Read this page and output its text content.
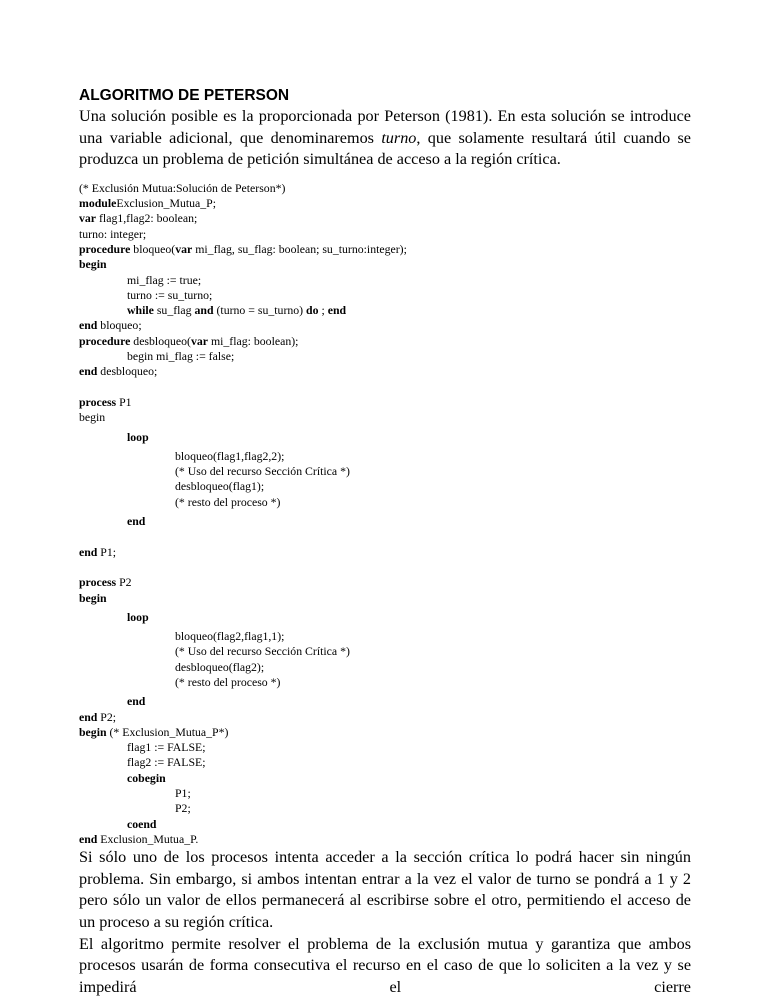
ALGORITMO DE PETERSON

Una solución posible es la proporcionada por Peterson (1981). En esta solución se introduce una variable adicional, que denominaremos turno, que solamente resultará útil cuando se produzca un problema de petición simultánea de acceso a la región crítica.

(* Exclusión Mutua:Solución de Peterson*)
moduleExclusion_Mutua_P;
var flag1,flag2: boolean;
turno: integer;
procedure bloqueo(var mi_flag, su_flag: boolean; su_turno:integer);
begin
mi_flag := true;
turno := su_turno;
while su_flag and (turno = su_turno) do ; end
end bloqueo;
procedure desbloqueo(var mi_flag: boolean);
begin mi_flag := false;
end desbloqueo;
process P1
begin
loop
bloqueo(flag1,flag2,2);
(* Uso del recurso Sección Crítica *)
desbloqueo(flag1);
(* resto del proceso *)
end
end P1;
process P2
begin
loop
bloqueo(flag2,flag1,1);
(* Uso del recurso Sección Crítica *)
desbloqueo(flag2);
(* resto del proceso *)
end
end P2;
begin (* Exclusion_Mutua_P*)
flag1 := FALSE;
flag2 := FALSE;
cobegin
P1;
P2;
coend
end Exclusion_Mutua_P.

Si sólo uno de los procesos intenta acceder a la sección crítica lo podrá hacer sin ningún problema. Sin embargo, si ambos intentan entrar a la vez el valor de turno se pondrá a 1 y 2 pero sólo un valor de ellos permanecerá al escribirse sobre el otro, permitiendo el acceso de un proceso a su región crítica.

El algoritmo permite resolver el problema de la exclusión mutua y garantiza que ambos procesos usarán de forma consecutiva el recurso en el caso de que lo soliciten a la vez y se impedirá el cierre
